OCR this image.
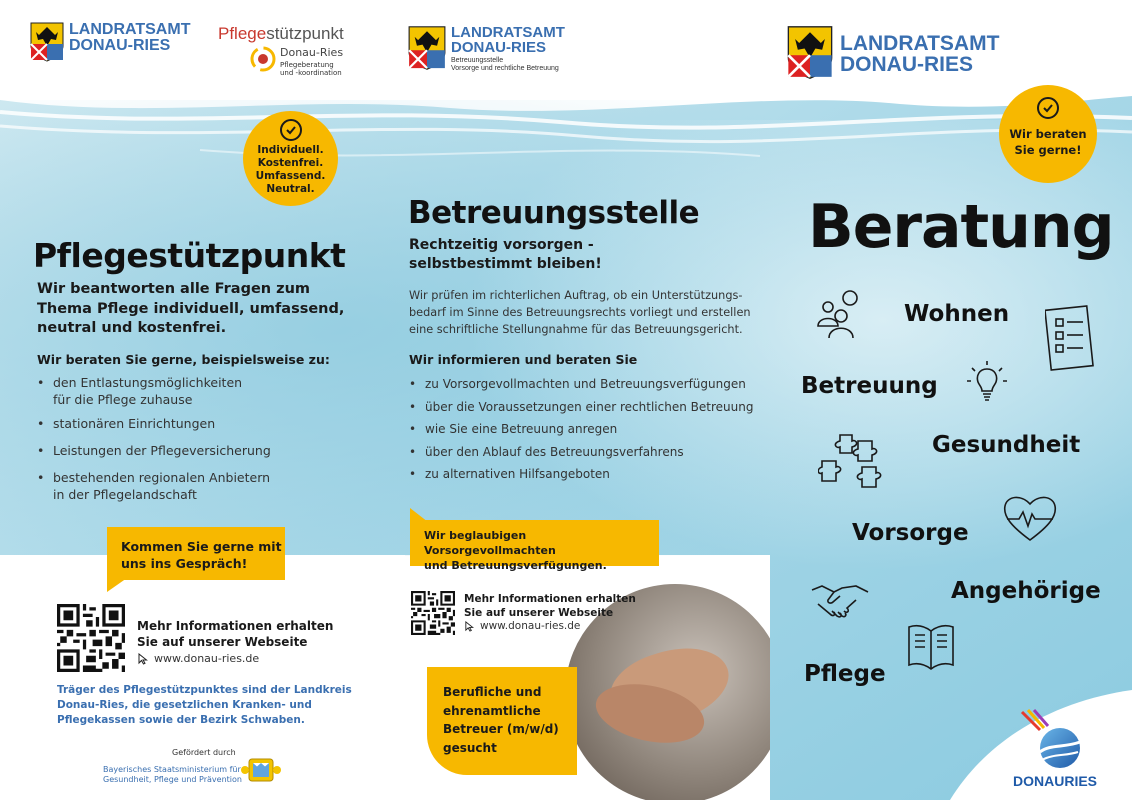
LANDRATSAMT
DONAU-RIES
Pflegestützpunkt
Donau-Ries
Pflegeberatung
und -koordination
LANDRATSAMT
DONAU-RIES
Betreuungsstelle
Vorsorge und rechtliche Betreuung
LANDRATSAMT
DONAU-RIES
Individuell.
Kostenfrei.
Umfassend.
Neutral.
Pflegestützpunkt
Wir beantworten alle Fragen zum
Thema Pflege individuell, umfassend,
neutral und kostenfrei.
Wir beraten Sie gerne, beispielsweise zu:
• den Entlastungsmöglichkeiten
für die Pflege zuhause
• stationären Einrichtungen
• Leistungen der Pflegeversicherung
• bestehenden regionalen Anbietern
in der Pflegelandschaft
Kommen Sie gerne mit
uns ins Gespräch!
Mehr Informationen erhalten
Sie auf unserer Webseite
www.donau-ries.de
Träger des Pflegestützpunktes sind der Landkreis
Donau-Ries, die gesetzlichen Kranken- und
Pflegekassen sowie der Bezirk Schwaben.
Gefördert durch
Bayerisches Staatsministerium für
Gesundheit, Pflege und Prävention
Betreuungsstelle
Rechtzeitig vorsorgen -
selbstbestimmt bleiben!
Wir prüfen im richterlichen Auftrag, ob ein Unterstützungs-
bedarf im Sinne des Betreuungsrechts vorliegt und erstellen
eine schriftliche Stellungnahme für das Betreuungsgericht.
Wir informieren und beraten Sie
• zu Vorsorgevollmachten und Betreuungsverfügungen
• über die Voraussetzungen einer rechtlichen Betreuung
• wie Sie eine Betreuung anregen
• über den Ablauf des Betreuungsverfahrens
• zu alternativen Hilfsangeboten
Wir beglaubigen Vorsorgevollmachten
und Betreuungsverfügungen.
Mehr Informationen erhalten
Sie auf unserer Webseite
www.donau-ries.de
Berufliche und
ehrenamtliche
Betreuer (m/w/d)
gesucht
Wir beraten
Sie gerne!
Beratung
Wohnen
Betreuung
Gesundheit
Vorsorge
Angehörige
Pflege
DONAURIES
